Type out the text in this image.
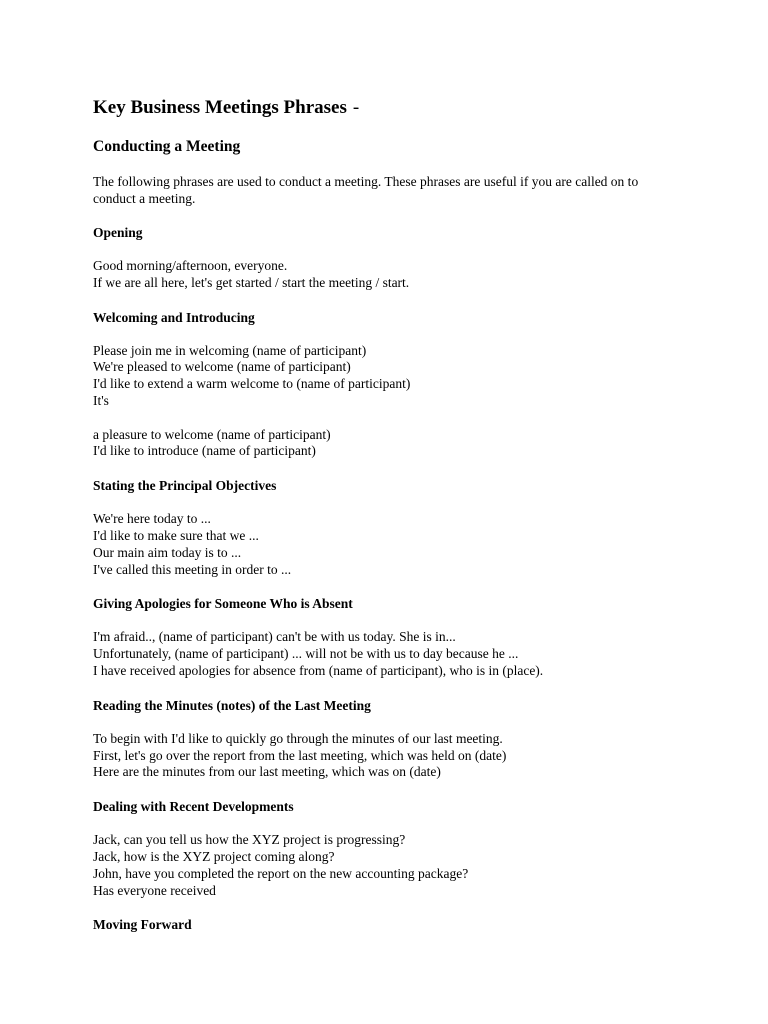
Key Business Meetings Phrases -
Conducting a Meeting

The following phrases are used to conduct a meeting. These phrases are useful if you are called on to conduct a meeting.

Opening
Good morning/afternoon, everyone.
If we are all here, let's get started / start the meeting / start.
Welcoming and Introducing
Please join me in welcoming (name of participant)
We're pleased to welcome (name of participant)
I'd like to extend a warm welcome to (name of participant)
It's
a pleasure to welcome (name of participant)
I'd like to introduce (name of participant)
Stating the Principal Objectives
We're here today to ...
I'd like to make sure that we ...
Our main aim today is to ...
I've called this meeting in order to ...
Giving Apologies for Someone Who is Absent
I'm afraid.., (name of participant) can't be with us today. She is in...
Unfortunately, (name of participant) ... will not be with us to day because he ...
I have received apologies for absence from (name of participant), who is in (place).
Reading the Minutes (notes) of the Last Meeting
To begin with I'd like to quickly go through the minutes of our last meeting.
First, let's go over the report from the last meeting, which was held on (date)
Here are the minutes from our last meeting, which was on (date)
Dealing with Recent Developments
Jack, can you tell us how the XYZ project is progressing?
Jack, how is the XYZ project coming along?
John, have you completed the report on the new accounting package?
Has everyone received
Moving Forward
